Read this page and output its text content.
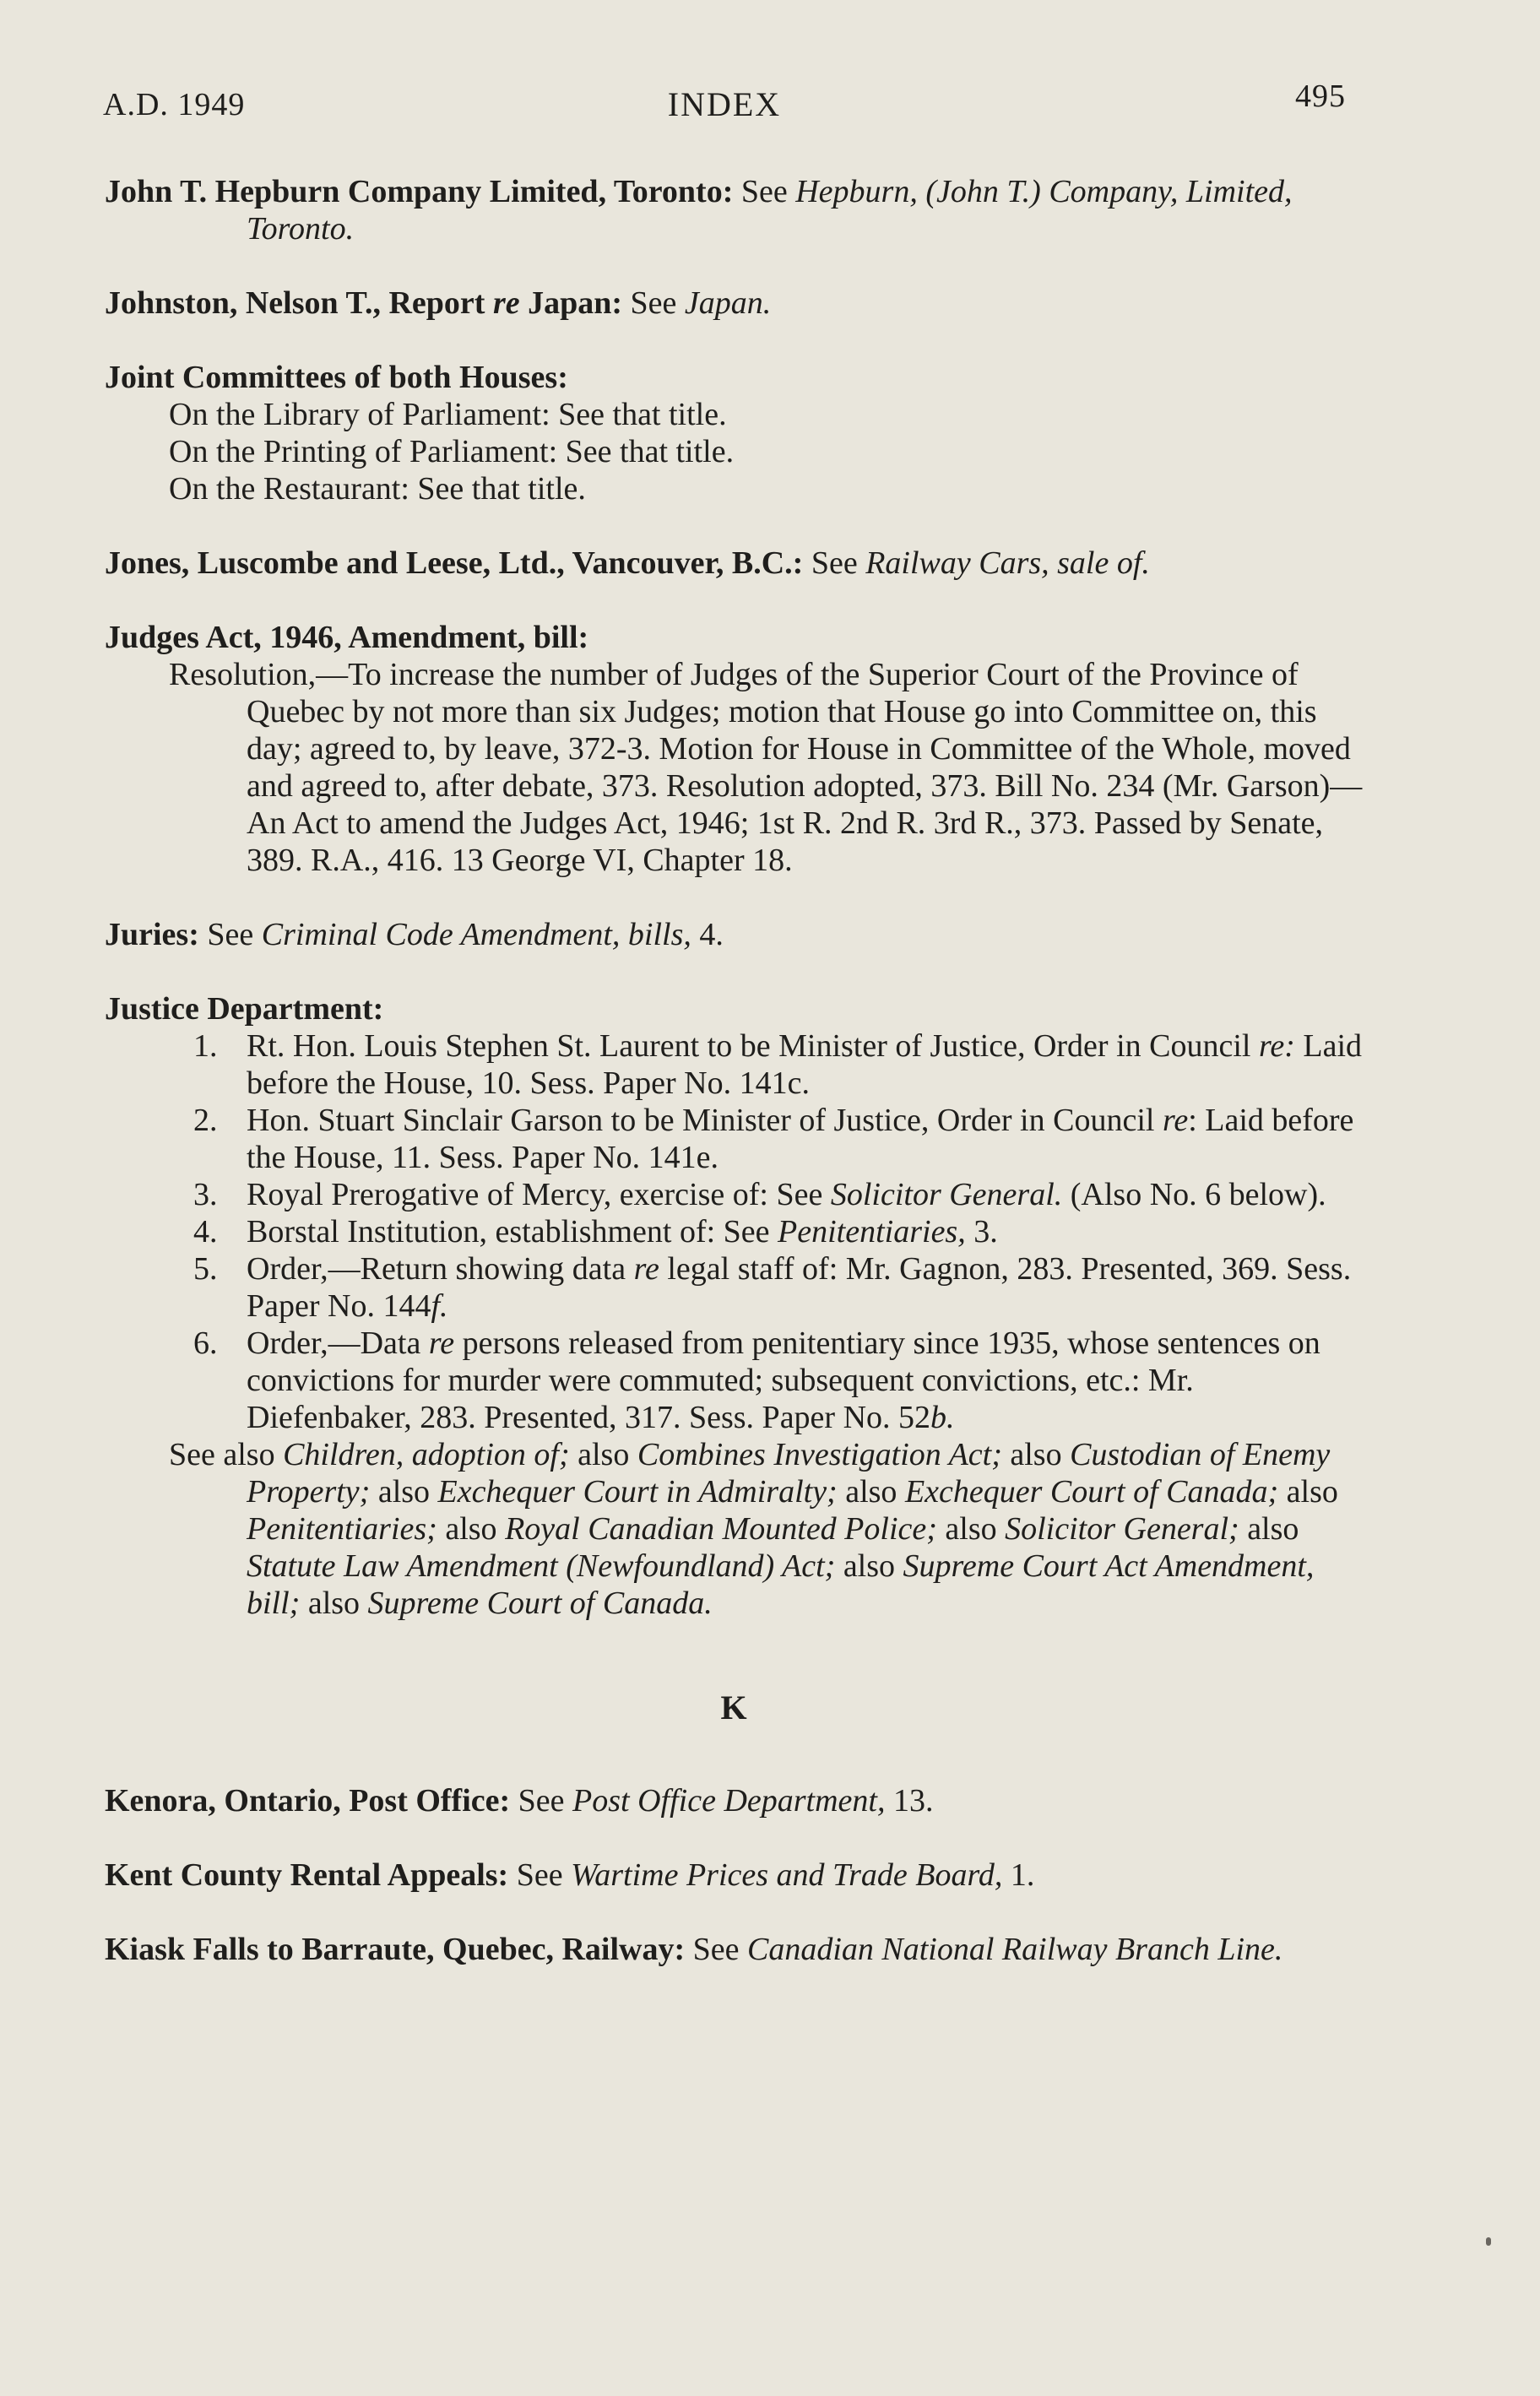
A.D. 1949	INDEX	495
John T. Hepburn Company Limited, Toronto: See Hepburn, (John T.) Company, Limited, Toronto.
Johnston, Nelson T., Report re Japan: See Japan.
Joint Committees of both Houses:
On the Library of Parliament: See that title.
On the Printing of Parliament: See that title.
On the Restaurant: See that title.
Jones, Luscombe and Leese, Ltd., Vancouver, B.C.: See Railway Cars, sale of.
Judges Act, 1946, Amendment, bill:
Resolution,—To increase the number of Judges of the Superior Court of the Province of Quebec by not more than six Judges; motion that House go into Committee on, this day; agreed to, by leave, 372-3. Motion for House in Committee of the Whole, moved and agreed to, after debate, 373. Resolution adopted, 373. Bill No. 234 (Mr. Garson)—An Act to amend the Judges Act, 1946; 1st R. 2nd R. 3rd R., 373. Passed by Senate, 389. R.A., 416. 13 George VI, Chapter 18.
Juries: See Criminal Code Amendment, bills, 4.
Justice Department:
1. Rt. Hon. Louis Stephen St. Laurent to be Minister of Justice, Order in Council re: Laid before the House, 10. Sess. Paper No. 141c.
2. Hon. Stuart Sinclair Garson to be Minister of Justice, Order in Council re: Laid before the House, 11. Sess. Paper No. 141e.
3. Royal Prerogative of Mercy, exercise of: See Solicitor General. (Also No. 6 below).
4. Borstal Institution, establishment of: See Penitentiaries, 3.
5. Order,—Return showing data re legal staff of: Mr. Gagnon, 283. Presented, 369. Sess. Paper No. 144f.
6. Order,—Data re persons released from penitentiary since 1935, whose sentences on convictions for murder were commuted; subsequent convictions, etc.: Mr. Diefenbaker, 283. Presented, 317. Sess. Paper No. 52b.
See also Children, adoption of; also Combines Investigation Act; also Custodian of Enemy Property; also Exchequer Court in Admiralty; also Exchequer Court of Canada; also Penitentiaries; also Royal Canadian Mounted Police; also Solicitor General; also Statute Law Amendment (Newfoundland) Act; also Supreme Court Act Amendment, bill; also Supreme Court of Canada.
K
Kenora, Ontario, Post Office: See Post Office Department, 13.
Kent County Rental Appeals: See Wartime Prices and Trade Board, 1.
Kiask Falls to Barraute, Quebec, Railway: See Canadian National Railway Branch Line.
